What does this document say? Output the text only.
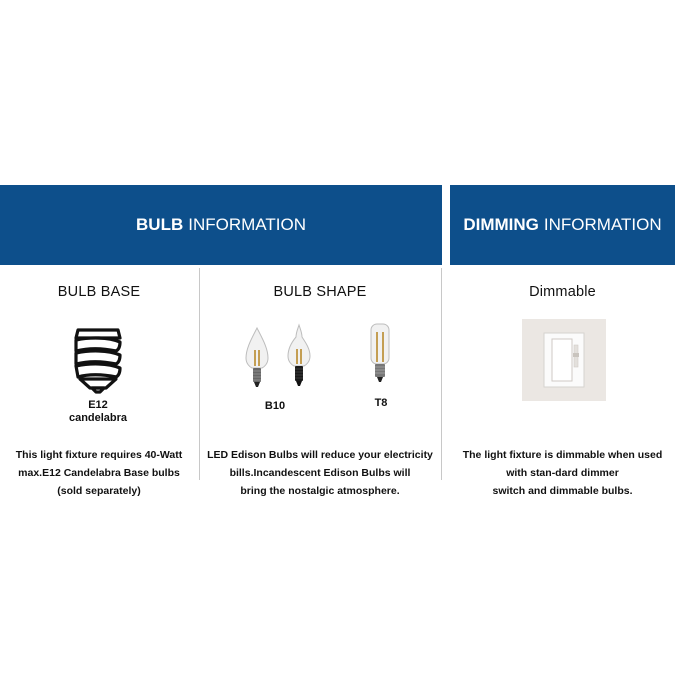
BULB INFORMATION	DIMMING INFORMATION
BULB BASE	BULB SHAPE	Dimmable
E12
candelabra
B10	T8
This light fixture requires 40-Watt
max.E12 Candelabra Base bulbs
(sold separately)
LED Edison Bulbs will reduce your electricity
bills.Incandescent Edison Bulbs will
bring the nostalgic atmosphere.
The light fixture is dimmable when used
with stan-dard dimmer
switch and dimmable bulbs.
